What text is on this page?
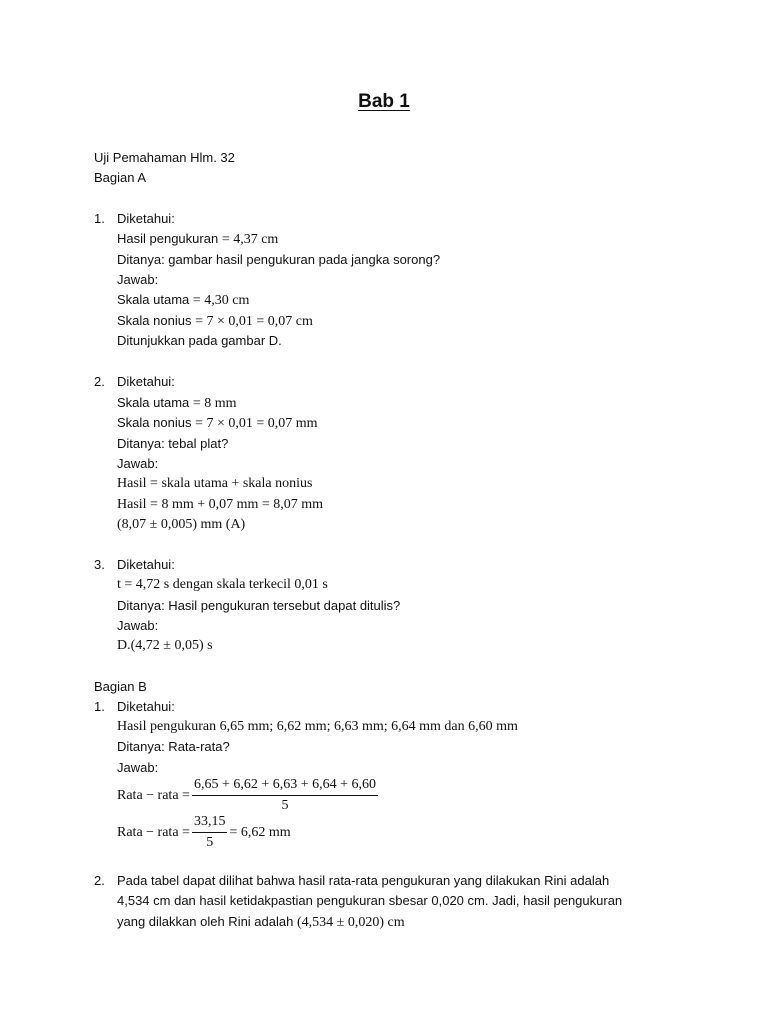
Bab 1
Uji Pemahaman Hlm. 32
Bagian A
1. Diketahui:
Hasil pengukuran = 4,37 cm
Ditanya: gambar hasil pengukuran pada jangka sorong?
Jawab:
Skala utama = 4,30 cm
Skala nonius = 7 × 0,01 = 0,07 cm
Ditunjukkan pada gambar D.
2. Diketahui:
Skala utama = 8 mm
Skala nonius = 7 × 0,01 = 0,07 mm
Ditanya: tebal plat?
Jawab:
Hasil = skala utama + skala nonius
Hasil = 8 mm + 0,07 mm = 8,07 mm
(8,07 ± 0,005) mm (A)
3. Diketahui:
t = 4,72 s dengan skala terkecil 0,01 s
Ditanya: Hasil pengukuran tersebut dapat ditulis?
Jawab:
D.(4,72 ± 0,05) s
Bagian B
1. Diketahui:
Hasil pengukuran 6,65 mm; 6,62 mm; 6,63 mm; 6,64 mm dan 6,60 mm
Ditanya: Rata-rata?
Jawab:
Rata − rata = $\frac{6,65 + 6,62 + 6,63 + 6,64 + 6,60}{5}$
Rata − rata = $\frac{33,15}{5} = 6,62$ mm
2. Pada tabel dapat dilihat bahwa hasil rata-rata pengukuran yang dilakukan Rini adalah
4,534 cm dan hasil ketidakpastian pengukuran sbesar 0,020 cm. Jadi, hasil pengukuran
yang dilakkan oleh Rini adalah (4,534 ± 0,020) cm
